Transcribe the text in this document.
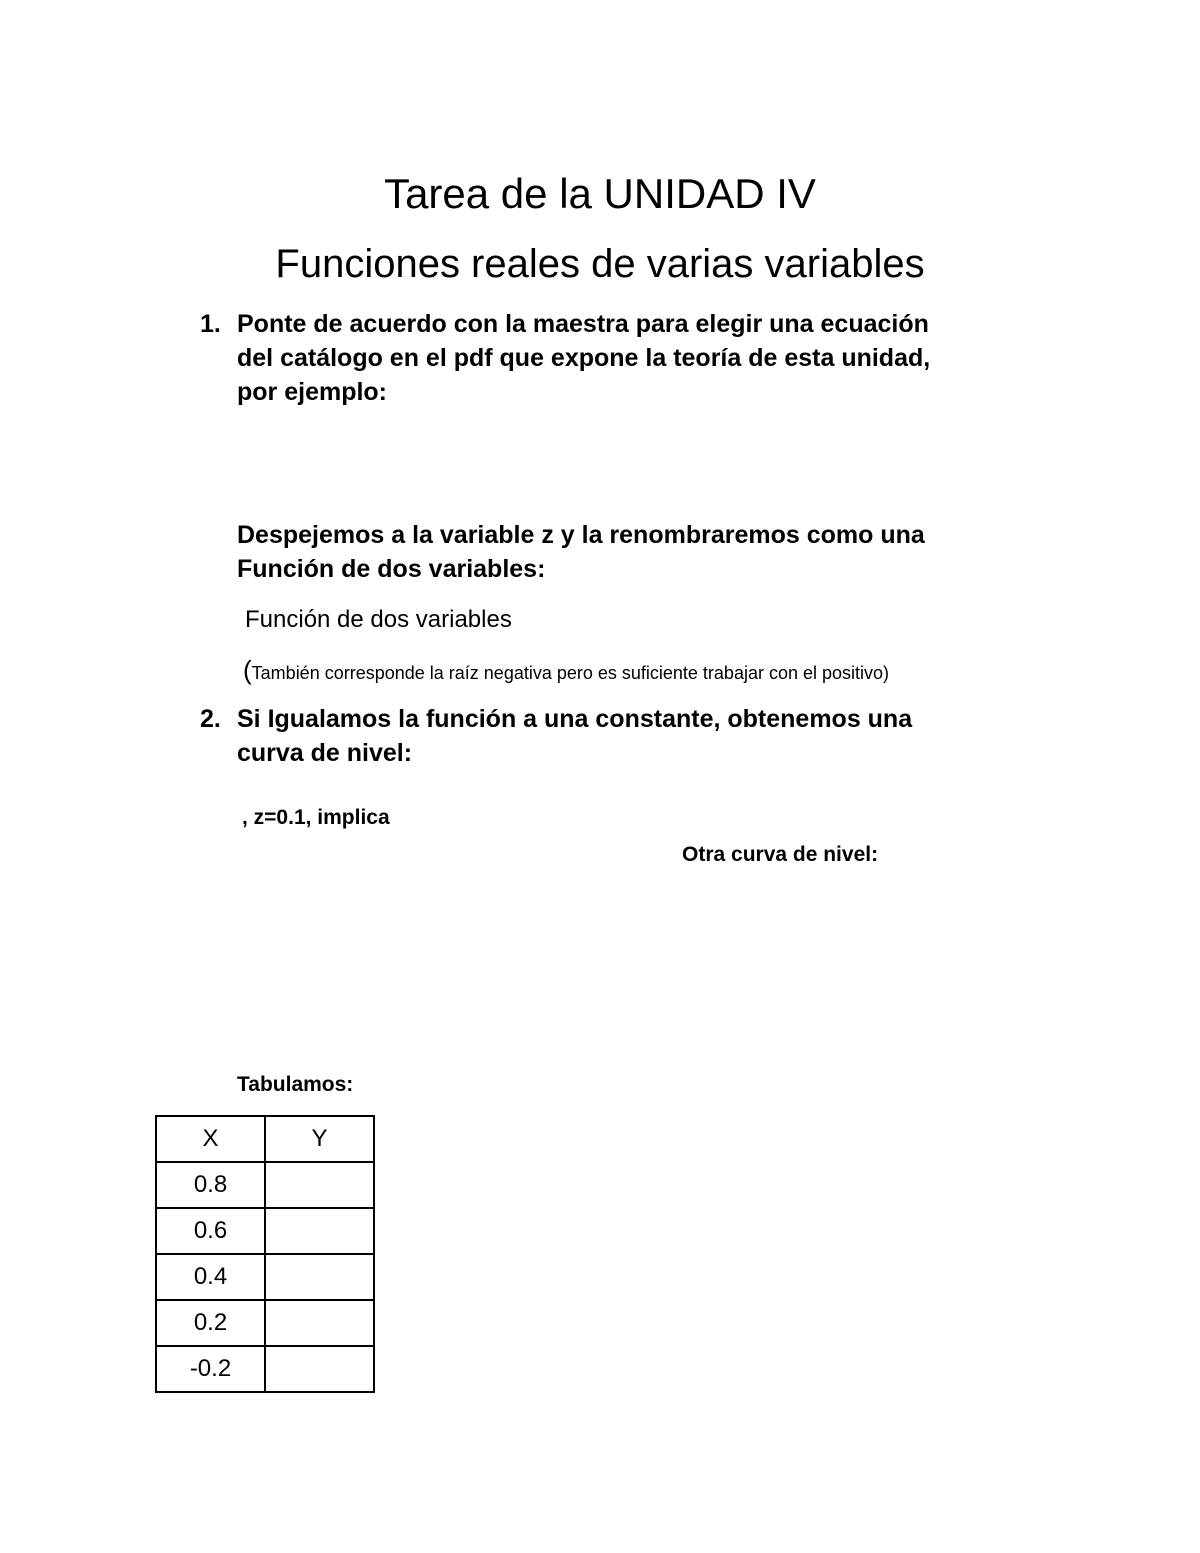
Tarea de la UNIDAD IV
Funciones reales de varias variables
1. Ponte de acuerdo con la maestra para elegir una ecuación
del catálogo en el pdf que expone la teoría de esta unidad,
por ejemplo:
Despejemos a la variable z y la renombraremos como una
Función de dos variables:
Función de dos variables
(También corresponde la raíz negativa pero es suficiente trabajar con el positivo)
2. Si Igualamos la función a una constante, obtenemos una
curva de nivel:
, z=0.1, implica
Otra curva de nivel:
Tabulamos:
X	Y
0.8	
0.6	
0.4	
0.2	
-0.2	
